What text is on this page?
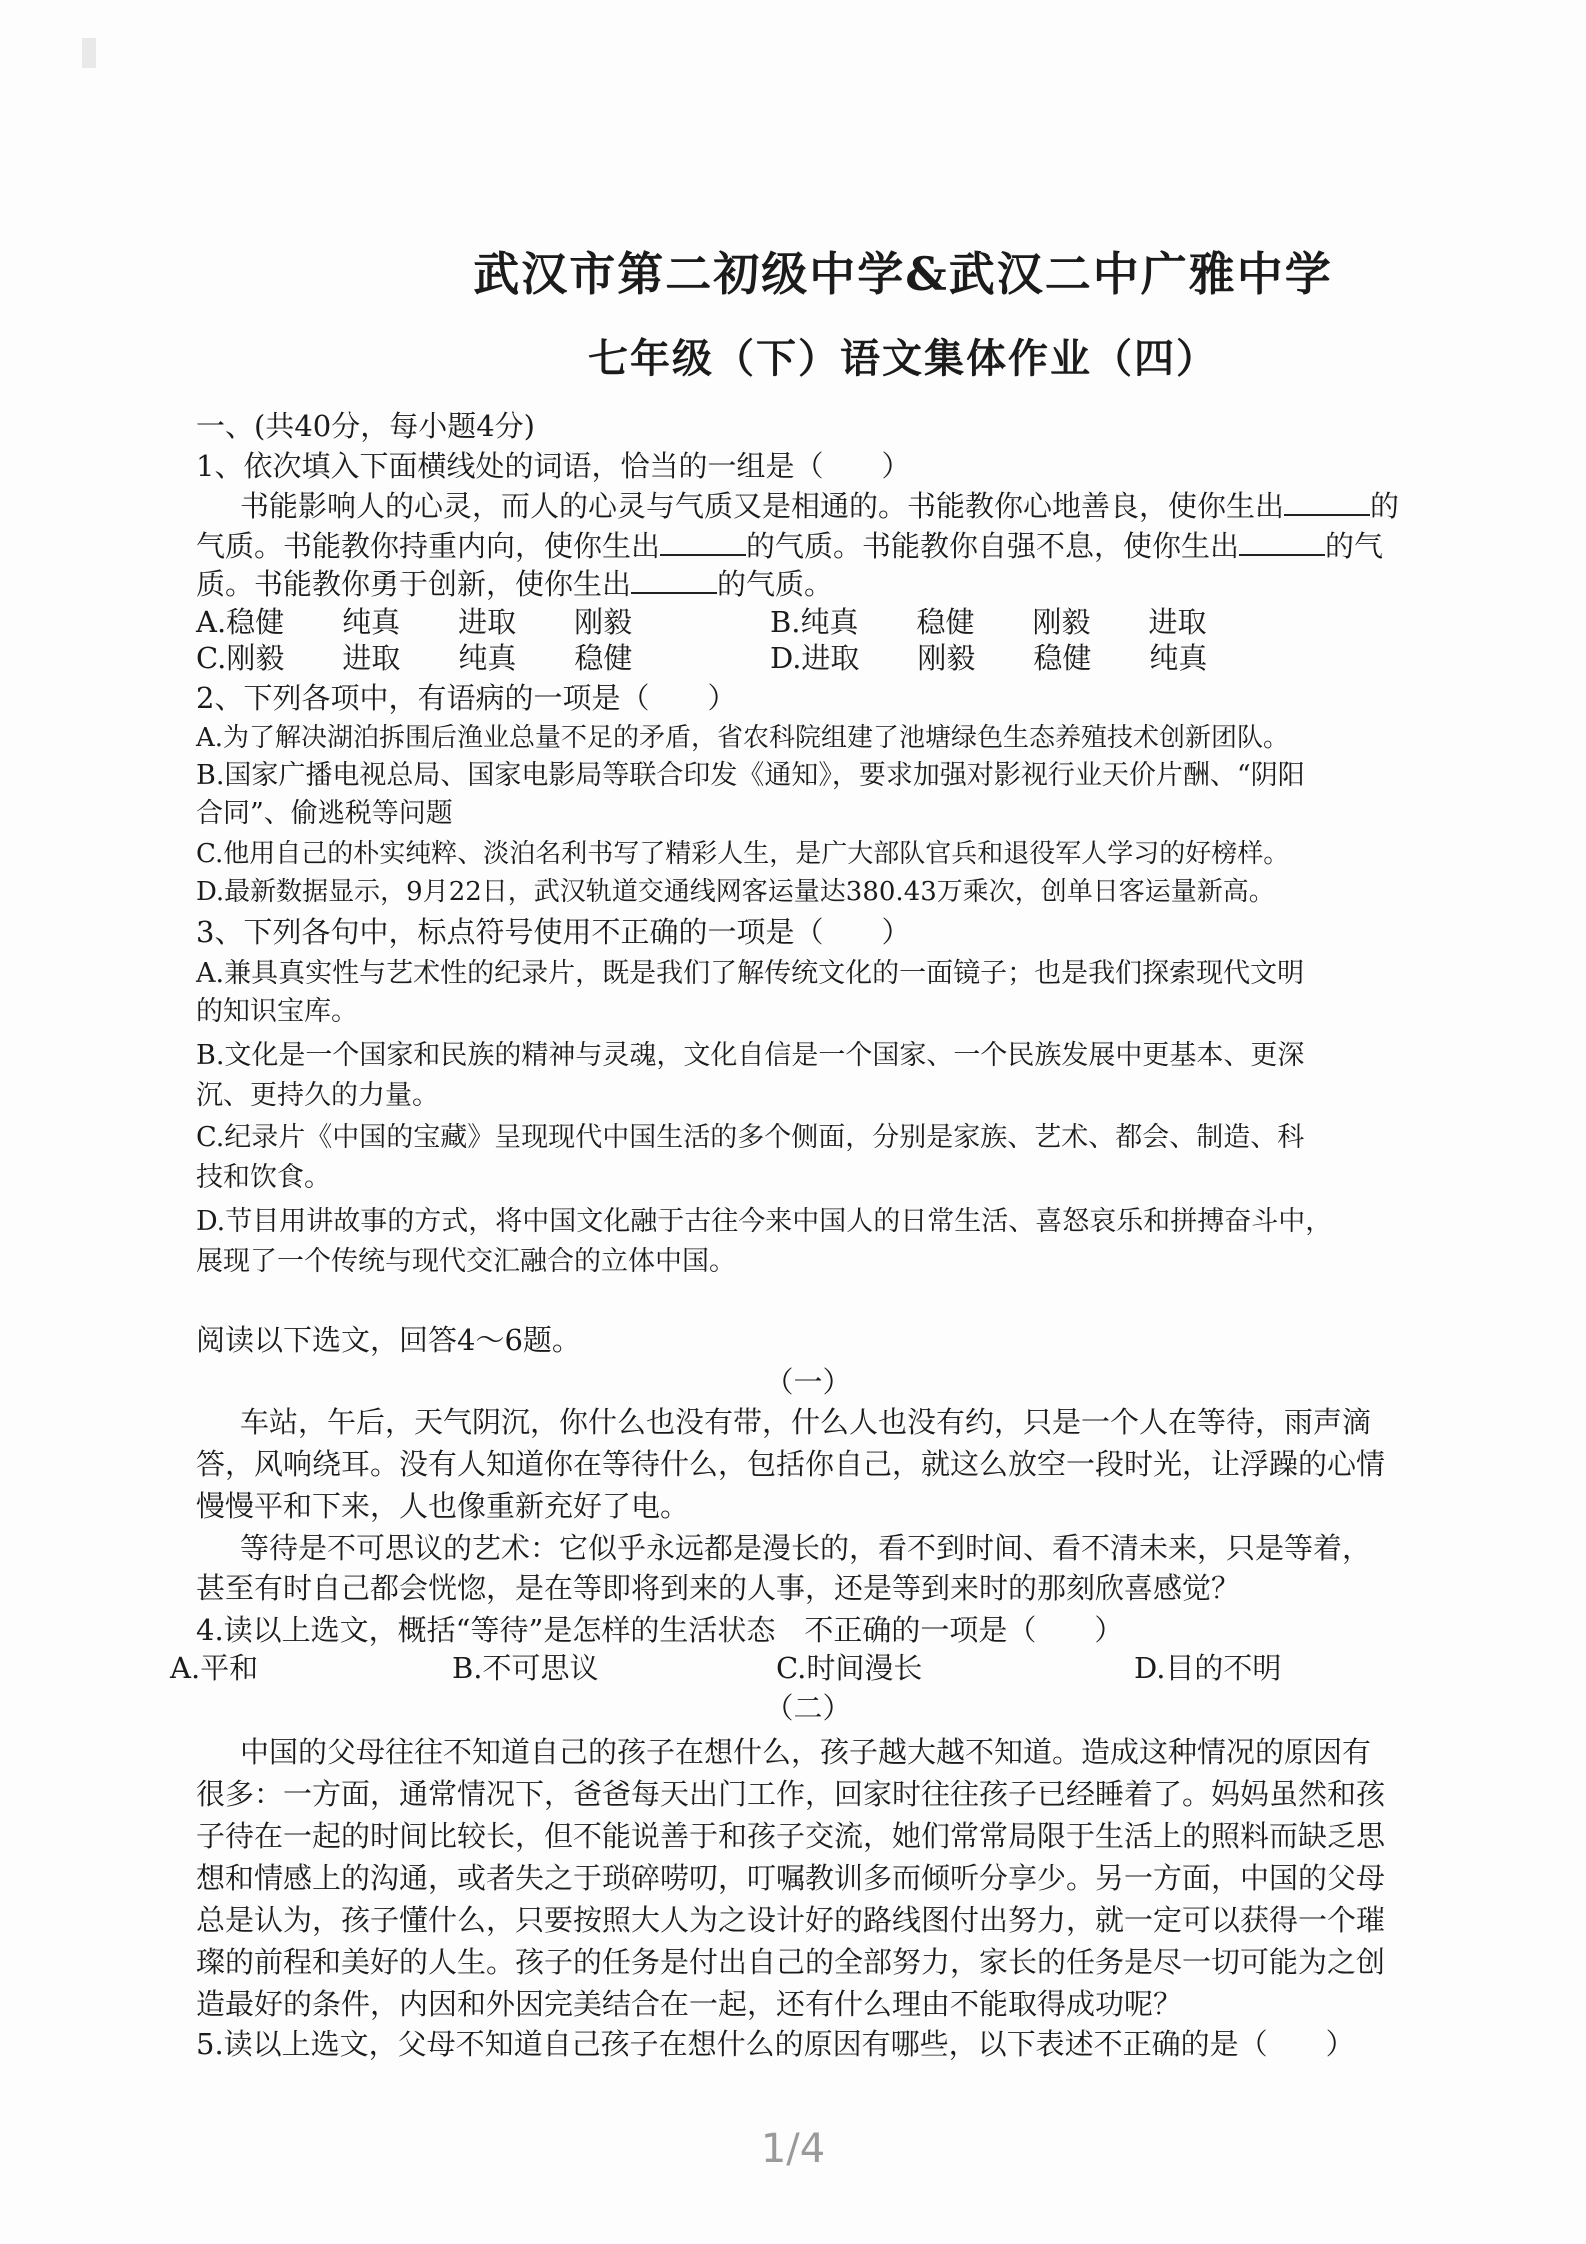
武汉市第二初级中学&武汉二中广雅中学
七年级（下）语文集体作业（四）
一、(共40分，每小题4分)
1、依次填入下面横线处的词语，恰当的一组是（　　）
书能影响人的心灵，而人的心灵与气质又是相通的。书能教你心地善良，使你生出	的
气质。书能教你持重内向，使你生出	的气质。书能教你自强不息，使你生出	的气
质。书能教你勇于创新，使你生出	的气质。
A.稳健　　纯真　　进取　　刚毅	B.纯真　　稳健　　刚毅　　进取
C.刚毅　　进取　　纯真　　稳健	D.进取　　刚毅　　稳健　　纯真
2、下列各项中，有语病的一项是（　　）
A.为了解决湖泊拆围后渔业总量不足的矛盾，省农科院组建了池塘绿色生态养殖技术创新团队。
B.国家广播电视总局、国家电影局等联合印发《通知》，要求加强对影视行业天价片酬、“阴阳
合同”、偷逃税等问题
C.他用自己的朴实纯粹、淡泊名利书写了精彩人生，是广大部队官兵和退役军人学习的好榜样。
D.最新数据显示，9月22日，武汉轨道交通线网客运量达380.43万乘次，创单日客运量新高。
3、下列各句中，标点符号使用不正确的一项是（　　）
A.兼具真实性与艺术性的纪录片，既是我们了解传统文化的一面镜子；也是我们探索现代文明
的知识宝库。
B.文化是一个国家和民族的精神与灵魂，文化自信是一个国家、一个民族发展中更基本、更深
沉、更持久的力量。
C.纪录片《中国的宝藏》呈现现代中国生活的多个侧面，分别是家族、艺术、都会、制造、科
技和饮食。
D.节目用讲故事的方式，将中国文化融于古往今来中国人的日常生活、喜怒哀乐和拼搏奋斗中，
展现了一个传统与现代交汇融合的立体中国。
阅读以下选文，回答4～6题。
（一）
车站，午后，天气阴沉，你什么也没有带，什么人也没有约，只是一个人在等待，雨声滴
答，风响绕耳。没有人知道你在等待什么，包括你自己，就这么放空一段时光，让浮躁的心情
慢慢平和下来，人也像重新充好了电。
等待是不可思议的艺术：它似乎永远都是漫长的，看不到时间、看不清未来，只是等着，
甚至有时自己都会恍惚，是在等即将到来的人事，还是等到来时的那刻欣喜感觉？
4.读以上选文，概括“等待”是怎样的生活状态　不正确的一项是（　　）
A.平和	B.不可思议	C.时间漫长	D.目的不明
（二）
中国的父母往往不知道自己的孩子在想什么，孩子越大越不知道。造成这种情况的原因有
很多：一方面，通常情况下，爸爸每天出门工作，回家时往往孩子已经睡着了。妈妈虽然和孩
子待在一起的时间比较长，但不能说善于和孩子交流，她们常常局限于生活上的照料而缺乏思
想和情感上的沟通，或者失之于琐碎唠叨，叮嘱教训多而倾听分享少。另一方面，中国的父母
总是认为，孩子懂什么，只要按照大人为之设计好的路线图付出努力，就一定可以获得一个璀
璨的前程和美好的人生。孩子的任务是付出自己的全部努力，家长的任务是尽一切可能为之创
造最好的条件，内因和外因完美结合在一起，还有什么理由不能取得成功呢？
5.读以上选文，父母不知道自己孩子在想什么的原因有哪些，以下表述不正确的是（　　）
1/4
